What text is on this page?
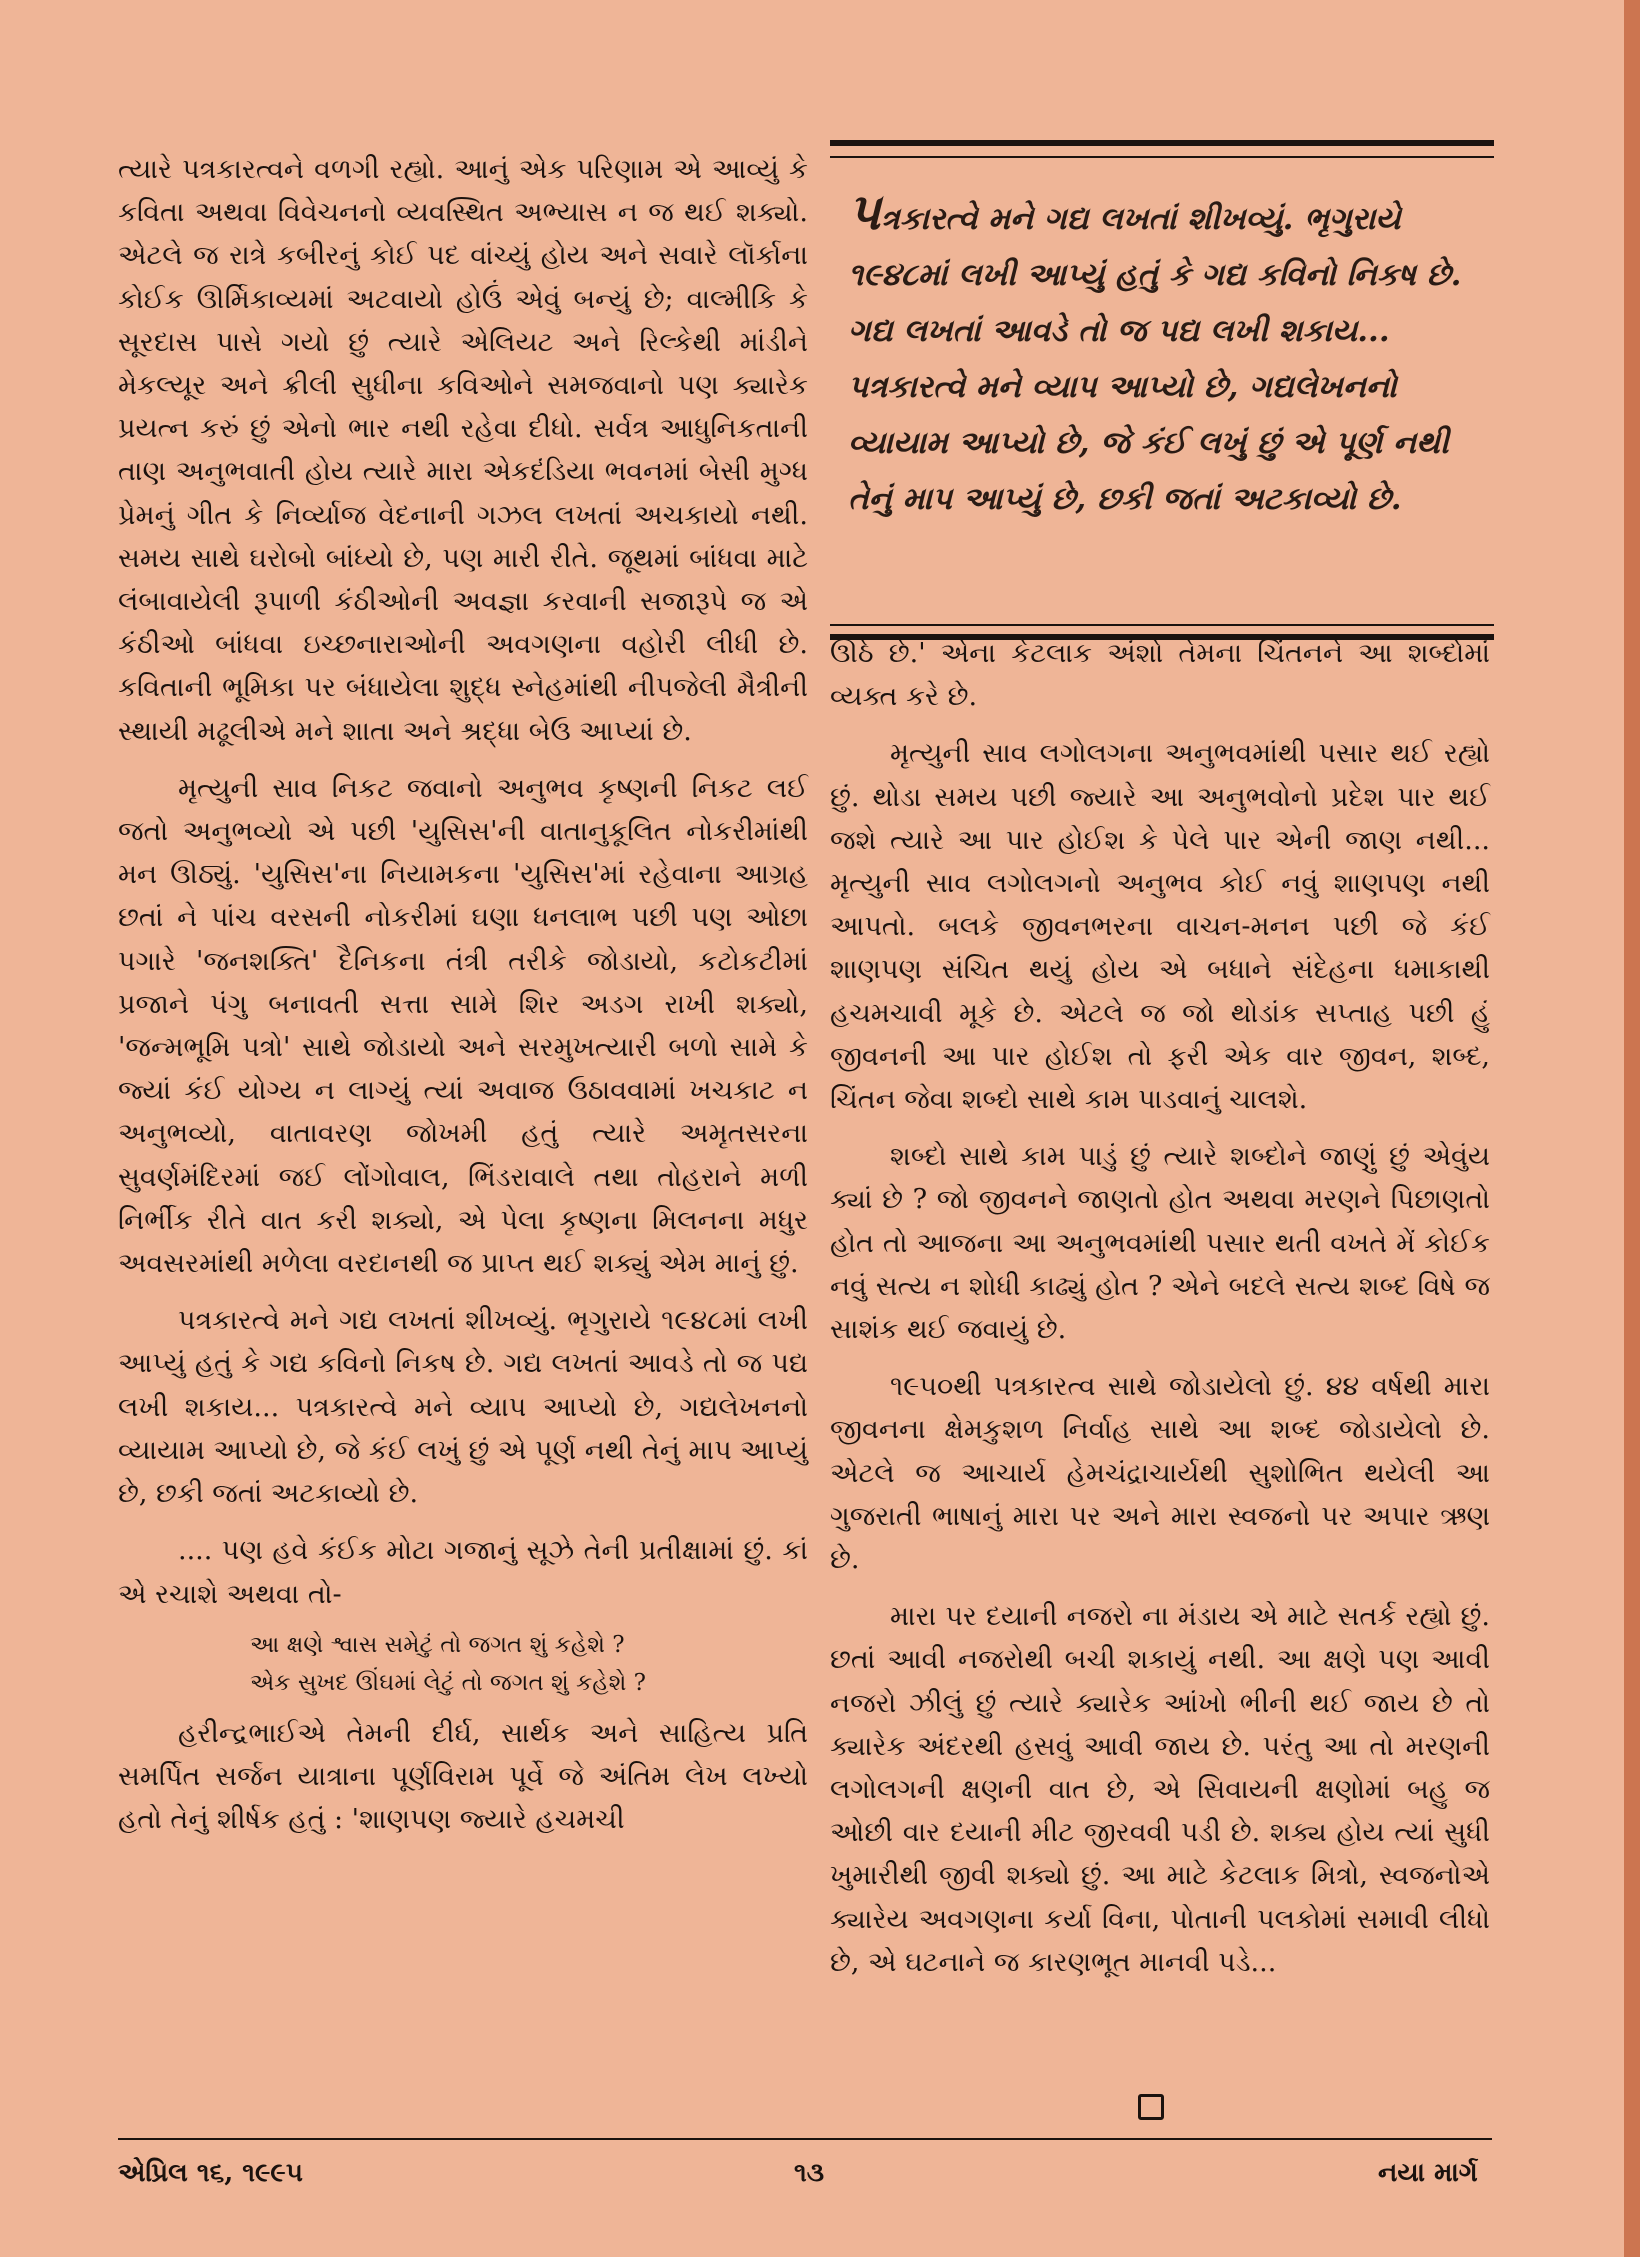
ત્યારે પત્રકારત્વને વળગી રહ્યો. આનું એક પરિણામ એ આવ્યું કે કવિતા અથવા વિવેચનનો વ્યવસ્થિત અભ્યાસ ન જ થઈ શક્યો. એટલે જ રાત્રે કબીરનું કોઈ પદ વાંચ્યું હોય અને સવારે લૉર્કાના કોઈક ઊર્મિકાવ્યમાં અટવાયો હોઉં એવું બન્યું છે; વાલ્મીકિ કે સૂરદાસ પાસે ગયો છું ત્યારે એલિયટ અને રિલ્કેથી માંડીને મેકલ્યૂર અને ક્રીલી સુધીના કવિઓને સમજવાનો પણ ક્યારેક પ્રયત્ન કરું છું એનો ભાર નથી રહેવા દીધો. સર્વત્ર આધુનિકતાની તાણ અનુભવાતી હોય ત્યારે મારા એકદંડિયા ભવનમાં બેસી મુગ્ધ પ્રેમનું ગીત કે નિર્વ્યાજ વેદનાની ગઝલ લખતાં અચકાયો નથી. સમય સાથે ઘરોબો બાંધ્યો છે, પણ મારી રીતે. જૂથમાં બાંધવા માટે લંબાવાયેલી રૂપાળી કંઠીઓની અવજ્ઞા કરવાની સજારૂપે જ એ કંઠીઓ બાંધવા ઇચ્છનારાઓની અવગણના વહોરી લીધી છે. કવિતાની ભૂમિકા પર બંધાયેલા શુદ્ધ સ્નેહમાંથી નીપજેલી મૈત્રીની સ્થાયી મઢૂલીએ મને શાતા અને શ્રદ્ધા બેઉ આપ્યાં છે.

મૃત્યુની સાવ નિકટ જવાનો અનુભવ કૃષ્ણની નિકટ લઈ જતો અનુભવ્યો એ પછી 'યુસિસ'ની વાતાનુકૂલિત નોકરીમાંથી મન ઊઠ્યું. 'યુસિસ'ના નિયામકના 'યુસિસ'માં રહેવાના આગ્રહ છતાં ને પાંચ વરસની નોકરીમાં ઘણા ધનલાભ પછી પણ ઓછા પગારે 'જનશક્તિ' દૈનિકના તંત્રી તરીકે જોડાયો, કટોકટીમાં પ્રજાને પંગુ બનાવતી સત્તા સામે શિર અડગ રાખી શક્યો, 'જન્મભૂમિ પત્રો' સાથે જોડાયો અને સરમુખત્યારી બળો સામે કે જ્યાં કંઈ યોગ્ય ન લાગ્યું ત્યાં અવાજ ઉઠાવવામાં ખચકાટ ન અનુભવ્યો, વાતાવરણ જોખમી હતું ત્યારે અમૃતસરના સુવર્ણમંદિરમાં જઈ લોંગોવાલ, ભિંડરાવાલે તથા તોહરાને મળી નિર્ભીક રીતે વાત કરી શક્યો, એ પેલા કૃષ્ણના મિલનના મધુર અવસરમાંથી મળેલા વરદાનથી જ પ્રાપ્ત થઈ શક્યું એમ માનું છું.

પત્રકારત્વે મને ગદ્ય લખતાં શીખવ્યું. ભૃગુરાયે ૧૯૪૮માં લખી આપ્યું હતું કે ગદ્ય કવિનો નિકષ છે. ગદ્ય લખતાં આવડે તો જ પદ્ય લખી શકાય... પત્રકારત્વે મને વ્યાપ આપ્યો છે, ગદ્યલેખનનો વ્યાયામ આપ્યો છે, જે કંઈ લખું છું એ પૂર્ણ નથી તેનું માપ આપ્યું છે, છકી જતાં અટકાવ્યો છે.

.... પણ હવે કંઈક મોટા ગજાનું સૂઝે તેની પ્રતીક્ષામાં છું. કાં એ રચાશે અથવા તો-

આ ક્ષણે શ્વાસ સમેટું તો જગત શું કહેશે ?
એક સુખદ ઊંઘમાં લેટું તો જગત શું કહેશે ?

હરીન્દ્રભાઈએ તેમની દીર્ઘ, સાર્થક અને સાહિત્ય પ્રતિ સમર્પિત સર્જન યાત્રાના પૂર્ણવિરામ પૂર્વે જે અંતિમ લેખ લખ્યો હતો તેનું શીર્ષક હતું : 'શાણપણ જ્યારે હચમચી

પત્રકારત્વે મને ગદ્ય લખતાં શીખવ્યું. ભૃગુરાયે ૧૯૪૮માં લખી આપ્યું હતું કે ગદ્ય કવિનો નિકષ છે. ગદ્ય લખતાં આવડે તો જ પદ્ય લખી શકાય... પત્રકારત્વે મને વ્યાપ આપ્યો છે, ગદ્યલેખનનો વ્યાયામ આપ્યો છે, જે કંઈ લખું છું એ પૂર્ણ નથી તેનું માપ આપ્યું છે, છકી જતાં અટકાવ્યો છે.

ઊઠે છે.' એના કેટલાક અંશો તેમના ચિંતનને આ શબ્દોમાં વ્યક્ત કરે છે.

મૃત્યુની સાવ લગોલગના અનુભવમાંથી પસાર થઈ રહ્યો છું. થોડા સમય પછી જ્યારે આ અનુભવોનો પ્રદેશ પાર થઈ જશે ત્યારે આ પાર હોઈશ કે પેલે પાર એની જાણ નથી... મૃત્યુની સાવ લગોલગનો અનુભવ કોઈ નવું શાણપણ નથી આપતો. બલકે જીવનભરના વાચન-મનન પછી જે કંઈ શાણપણ સંચિત થયું હોય એ બધાને સંદેહના ધમાકાથી હચમચાવી મૂકે છે. એટલે જ જો થોડાંક સપ્તાહ પછી હું જીવનની આ પાર હોઈશ તો ફરી એક વાર જીવન, શબ્દ, ચિંતન જેવા શબ્દો સાથે કામ પાડવાનું ચાલશે.

શબ્દો સાથે કામ પાડું છું ત્યારે શબ્દોને જાણું છું એવુંય ક્યાં છે ? જો જીવનને જાણતો હોત અથવા મરણને પિછાણતો હોત તો આજના આ અનુભવમાંથી પસાર થતી વખતે મેં કોઈક નવું સત્ય ન શોધી કાઢ્યું હોત ? એને બદલે સત્ય શબ્દ વિષે જ સાશંક થઈ જવાયું છે.

૧૯૫૦થી પત્રકારત્વ સાથે જોડાયેલો છું. ૪૪ વર્ષથી મારા જીવનના ક્ષેમકુશળ નિર્વાહ સાથે આ શબ્દ જોડાયેલો છે. એટલે જ આચાર્ય હેમચંદ્રાચાર્યથી સુશોભિત થયેલી આ ગુજરાતી ભાષાનું મારા પર અને મારા સ્વજનો પર અપાર ઋણ છે.

મારા પર દયાની નજરો ના મંડાય એ માટે સતર્ક રહ્યો છું. છતાં આવી નજરોથી બચી શકાયું નથી. આ ક્ષણે પણ આવી નજરો ઝીલું છું ત્યારે ક્યારેક આંખો ભીની થઈ જાય છે તો ક્યારેક અંદરથી હસવું આવી જાય છે. પરંતુ આ તો મરણની લગોલગની ક્ષણની વાત છે, એ સિવાયની ક્ષણોમાં બહુ જ ઓછી વાર દયાની મીટ જીરવવી પડી છે. શક્ય હોય ત્યાં સુધી ખુમારીથી જીવી શક્યો છું. આ માટે કેટલાક મિત્રો, સ્વજનોએ ક્યારેય અવગણના કર્યા વિના, પોતાની પલકોમાં સમાવી લીધો છે, એ ઘટનાને જ કારણભૂત માનવી પડે...

એપ્રિલ ૧૬, ૧૯૯૫	૧૩	નયા માર્ગ
